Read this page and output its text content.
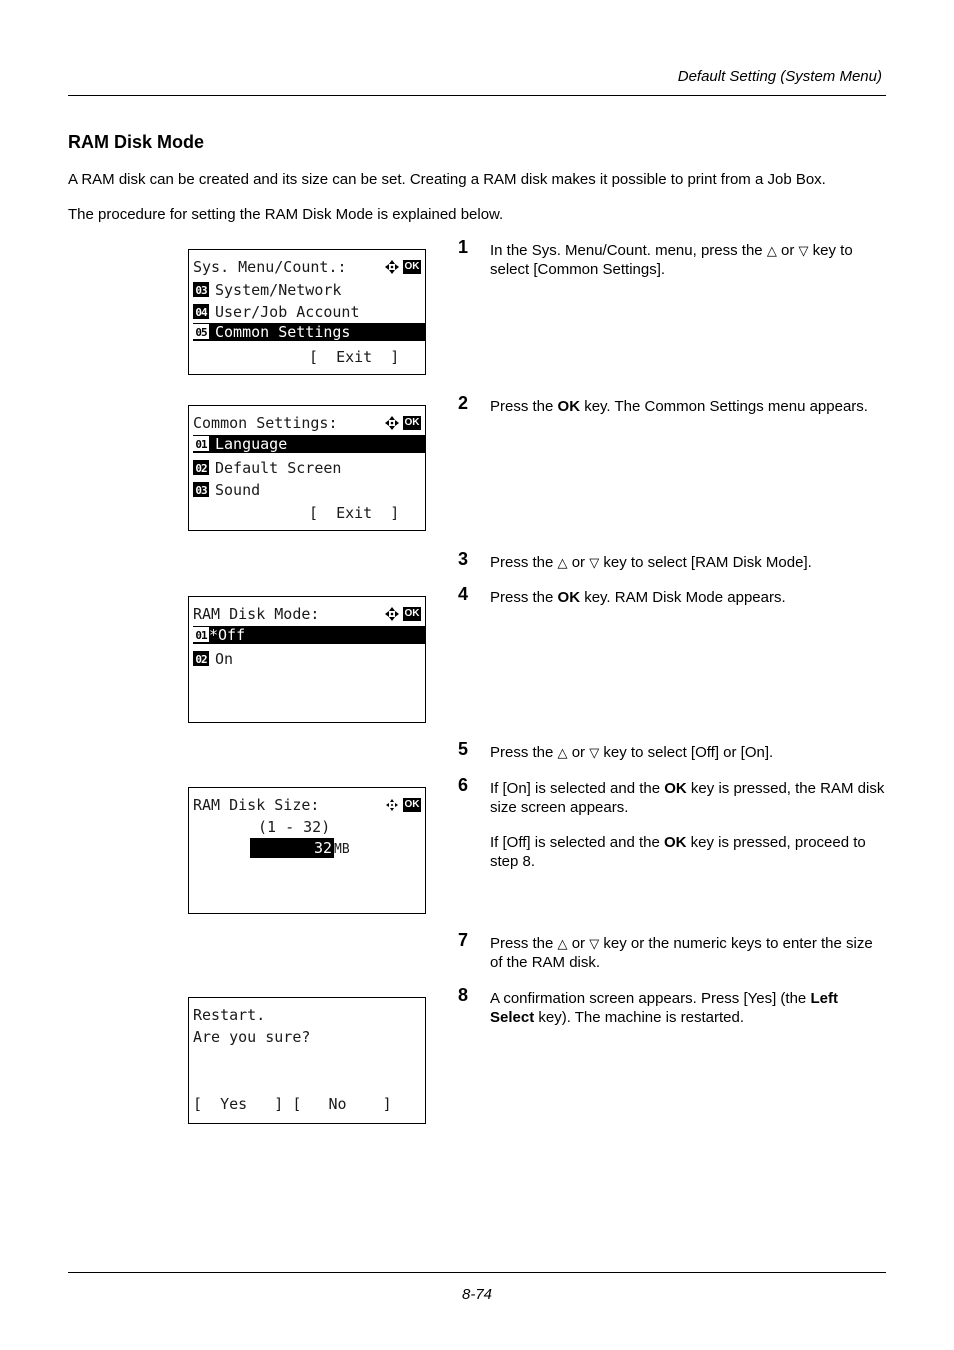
Default Setting (System Menu)
RAM Disk Mode
A RAM disk can be created and its size can be set. Creating a RAM disk makes it possible to print from a Job Box.
The procedure for setting the RAM Disk Mode is explained below.
Sys. Menu/Count.:	OK
03 System/Network
04 User/Job Account
05 Common Settings
[  Exit  ]
Common Settings:	OK
01 Language
02 Default Screen
03 Sound
[  Exit  ]
RAM Disk Mode:	OK
01 *Off
02 On
RAM Disk Size:	OK
(1 - 32)
32 MB
Restart.
Are you sure?
[  Yes   ] [   No    ]
1 In the Sys. Menu/Count. menu, press the △ or ▽ key to select [Common Settings].
2 Press the OK key. The Common Settings menu appears.
3 Press the △ or ▽ key to select [RAM Disk Mode].
4 Press the OK key. RAM Disk Mode appears.
5 Press the △ or ▽ key to select [Off] or [On].
6 If [On] is selected and the OK key is pressed, the RAM disk size screen appears.

If [Off] is selected and the OK key is pressed, proceed to step 8.

7 Press the △ or ▽ key or the numeric keys to enter the size of the RAM disk.
8 A confirmation screen appears. Press [Yes] (the Left Select key). The machine is restarted.
8-74
